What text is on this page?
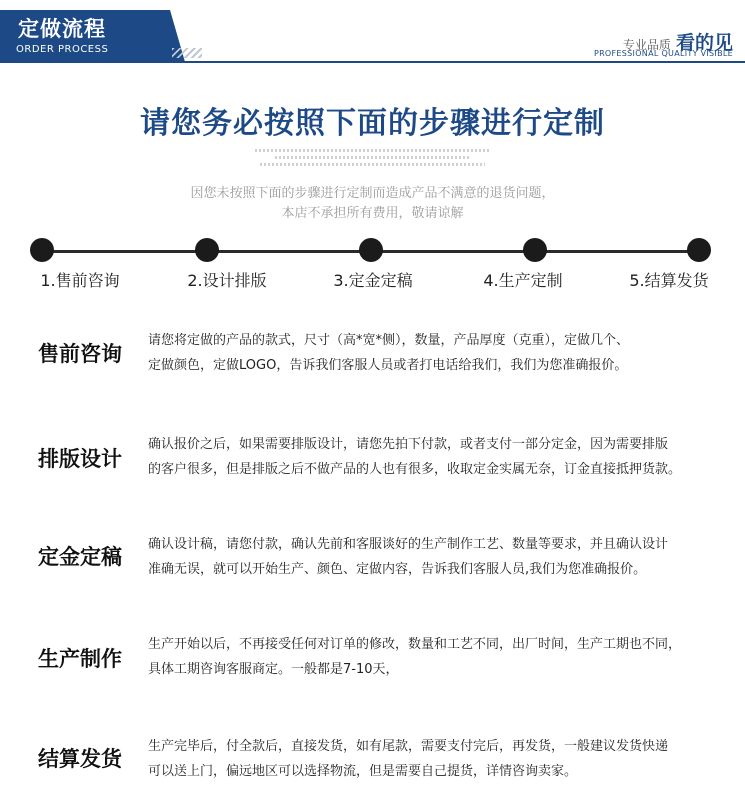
定做流程
ORDER PROCESS	专业品质 看的见
PROFESSIONAL QUALITY VISIBLE
请您务必按照下面的步骤进行定制
因您未按照下面的步骤进行定制而造成产品不满意的退货问题，
本店不承担所有费用，敬请谅解
1.售前咨询	2.设计排版	3.定金定稿	4.生产定制	5.结算发货
售前咨询
请您将定做的产品的款式，尺寸（高*宽*侧），数量，产品厚度（克重），定做几个、
定做颜色，定做LOGO，告诉我们客服人员或者打电话给我们，我们为您准确报价。
排版设计
确认报价之后，如果需要排版设计，请您先拍下付款，或者支付一部分定金，因为需要排版
的客户很多，但是排版之后不做产品的人也有很多，收取定金实属无奈，订金直接抵押货款。
定金定稿
确认设计稿，请您付款，确认先前和客服谈好的生产制作工艺、数量等要求，并且确认设计
准确无误，就可以开始生产、颜色、定做内容，告诉我们客服人员,我们为您准确报价。
生产制作
生产开始以后，不再接受任何对订单的修改，数量和工艺不同，出厂时间，生产工期也不同，
具体工期咨询客服商定。一般都是7-10天，
结算发货
生产完毕后，付全款后，直接发货，如有尾款，需要支付完后，再发货，一般建议发货快递
可以送上门，偏远地区可以选择物流，但是需要自己提货，详情咨询卖家。
